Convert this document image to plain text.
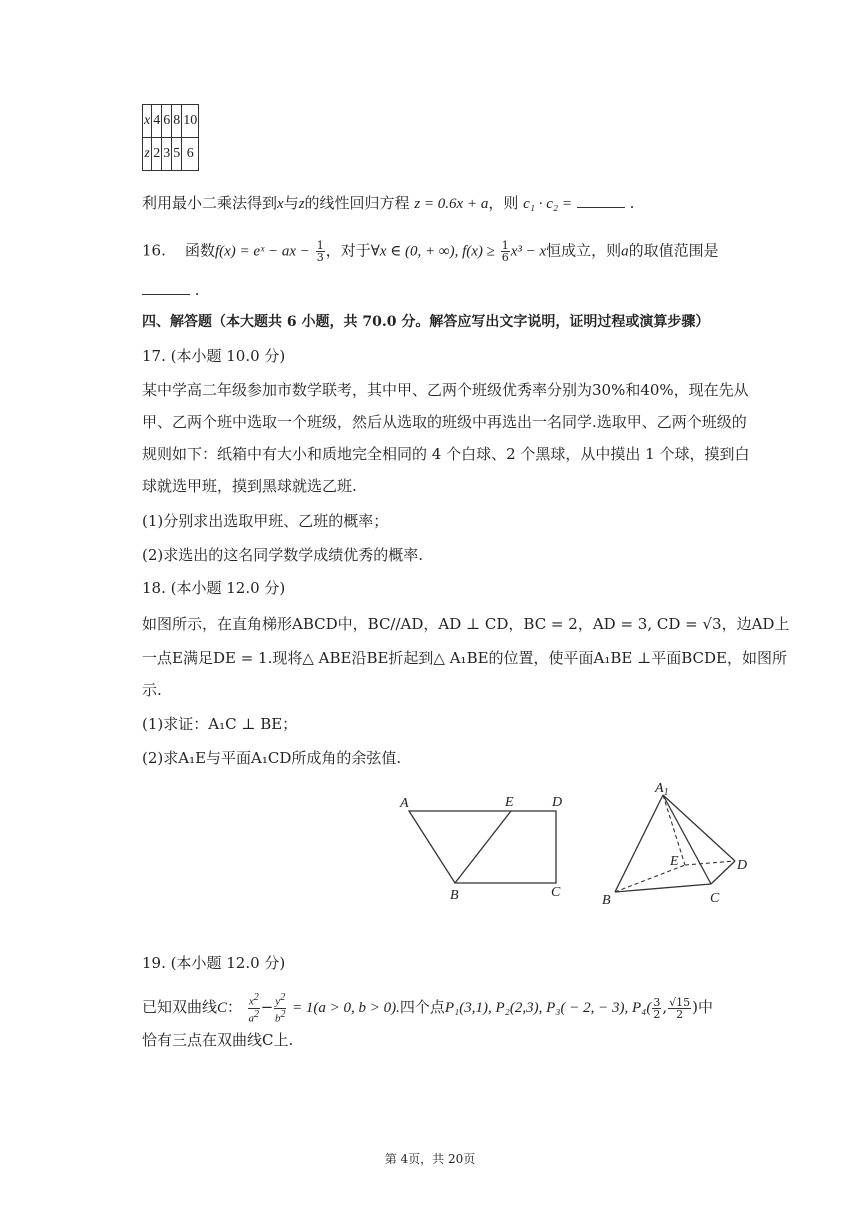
x	4	6	8	10
z	2	3	5	6
利用最小二乘法得到x与z的线性回归方程 z = 0.6x + a，则 c₁ · c₂ =	.
16. 函数f(x) = eˣ − ax − $\frac{1}{3}$ ，对于∀x ∈ (0, + ∞), $f(x) \ge \frac{1}{6} x^3 - x$恒成立，则a的取值范围是
.
四、解答题（本大题共 6 小题，共 70.0 分。解答应写出文字说明，证明过程或演算步骤）
17. (本小题 10.0 分)
某中学高二年级参加市数学联考，其中甲、乙两个班级优秀率分别为30%和40%，现在先从
甲、乙两个班中选取一个班级，然后从选取的班级中再选出一名同学.选取甲、乙两个班级的
规则如下：纸箱中有大小和质地完全相同的 4 个白球、2 个黑球，从中摸出 1 个球，摸到白
球就选甲班，摸到黑球就选乙班.
(1)分别求出选取甲班、乙班的概率；
(2)求选出的这名同学数学成绩优秀的概率.
18. (本小题 12.0 分)
如图所示，在直角梯形ABCD中，BC//AD，AD ⊥ CD，BC = 2，AD = 3, CD = √3，边AD上
一点E满足DE = 1.现将△ ABE沿BE折起到△ A₁BE的位置，使平面A₁BE ⊥平面BCDE，如图所
示.
(1)求证：A₁C ⊥ BE；
(2)求A₁E与平面A₁CD所成角的余弦值.
A	E	D
B	C
$A_1$
E	D
B	C
19. (本小题 12.0 分)
已知双曲线C： $\frac{x^2}{a^2} - \frac{y^2}{b^2} = 1(a > 0$, b > 0).四个点P₁(3,1), P₂(2,3), P₃( − 2, − 3), $P_4( \frac{3}{2}$ , $\frac{√15}{2}$ )中
恰有三点在双曲线C上.
第 4页，共 20页
